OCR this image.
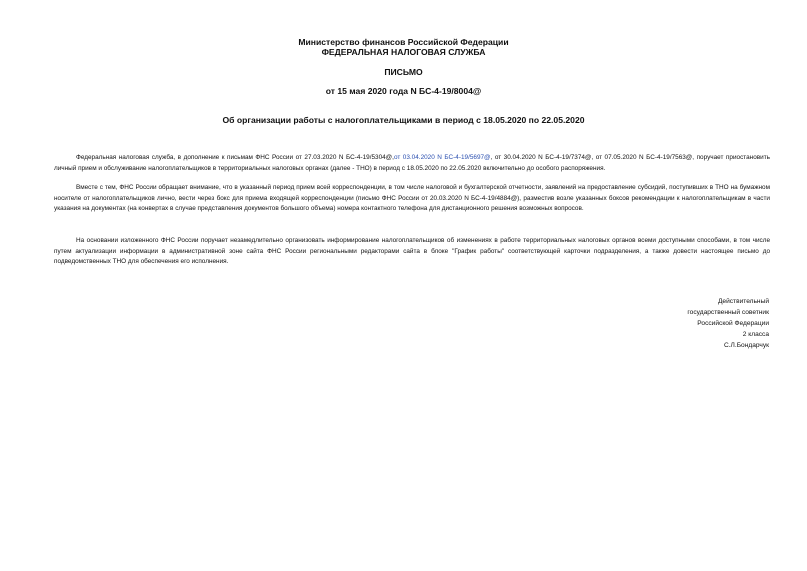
Министерство финансов Российской Федерации
ФЕДЕРАЛЬНАЯ НАЛОГОВАЯ СЛУЖБА
ПИСЬМО
от 15 мая 2020 года N БС-4-19/8004@
Об организации работы с налогоплательщиками в период с 18.05.2020 по 22.05.2020

Федеральная налоговая служба, в дополнение к письмам ФНС России от 27.03.2020 N БС-4-19/5304@,от 03.04.2020 N БС-4-19/5697@, от 30.04.2020 N БС-4-19/7374@, от 07.05.2020 N БС-4-19/7563@, поручает приостановить личный прием и обслуживание налогоплательщиков в территориальных налоговых органах (далее - ТНО) в период с 18.05.2020 по 22.05.2020 включительно до особого распоряжения.

Вместе с тем, ФНС России обращает внимание, что в указанный период прием всей корреспонденции, в том числе налоговой и бухгалтерской отчетности, заявлений на предоставление субсидий, поступивших в ТНО на бумажном носителе от налогоплательщиков лично, вести через бокс для приема входящей корреспонденции (письмо ФНС России от 20.03.2020 N БС-4-19/4884@), разместив возле указанных боксов рекомендации к налогоплательщикам в части указания на документах (на конвертах в случае представления документов большого объема) номера контактного телефона для дистанционного решения возможных вопросов.

На основании изложенного ФНС России поручает незамедлительно организовать информирование налогоплательщиков об изменениях в работе территориальных налоговых органов всеми доступными способами, в том числе путем актуализации информации в административной зоне сайта ФНС России региональными редакторами сайта в блоке "График работы" соответствующей карточки подразделения, а также довести настоящее письмо до подведомственных ТНО для обеспечения его исполнения.

Действительный
государственный советник
Российской Федерации
2 класса
С.Л.Бондарчук
